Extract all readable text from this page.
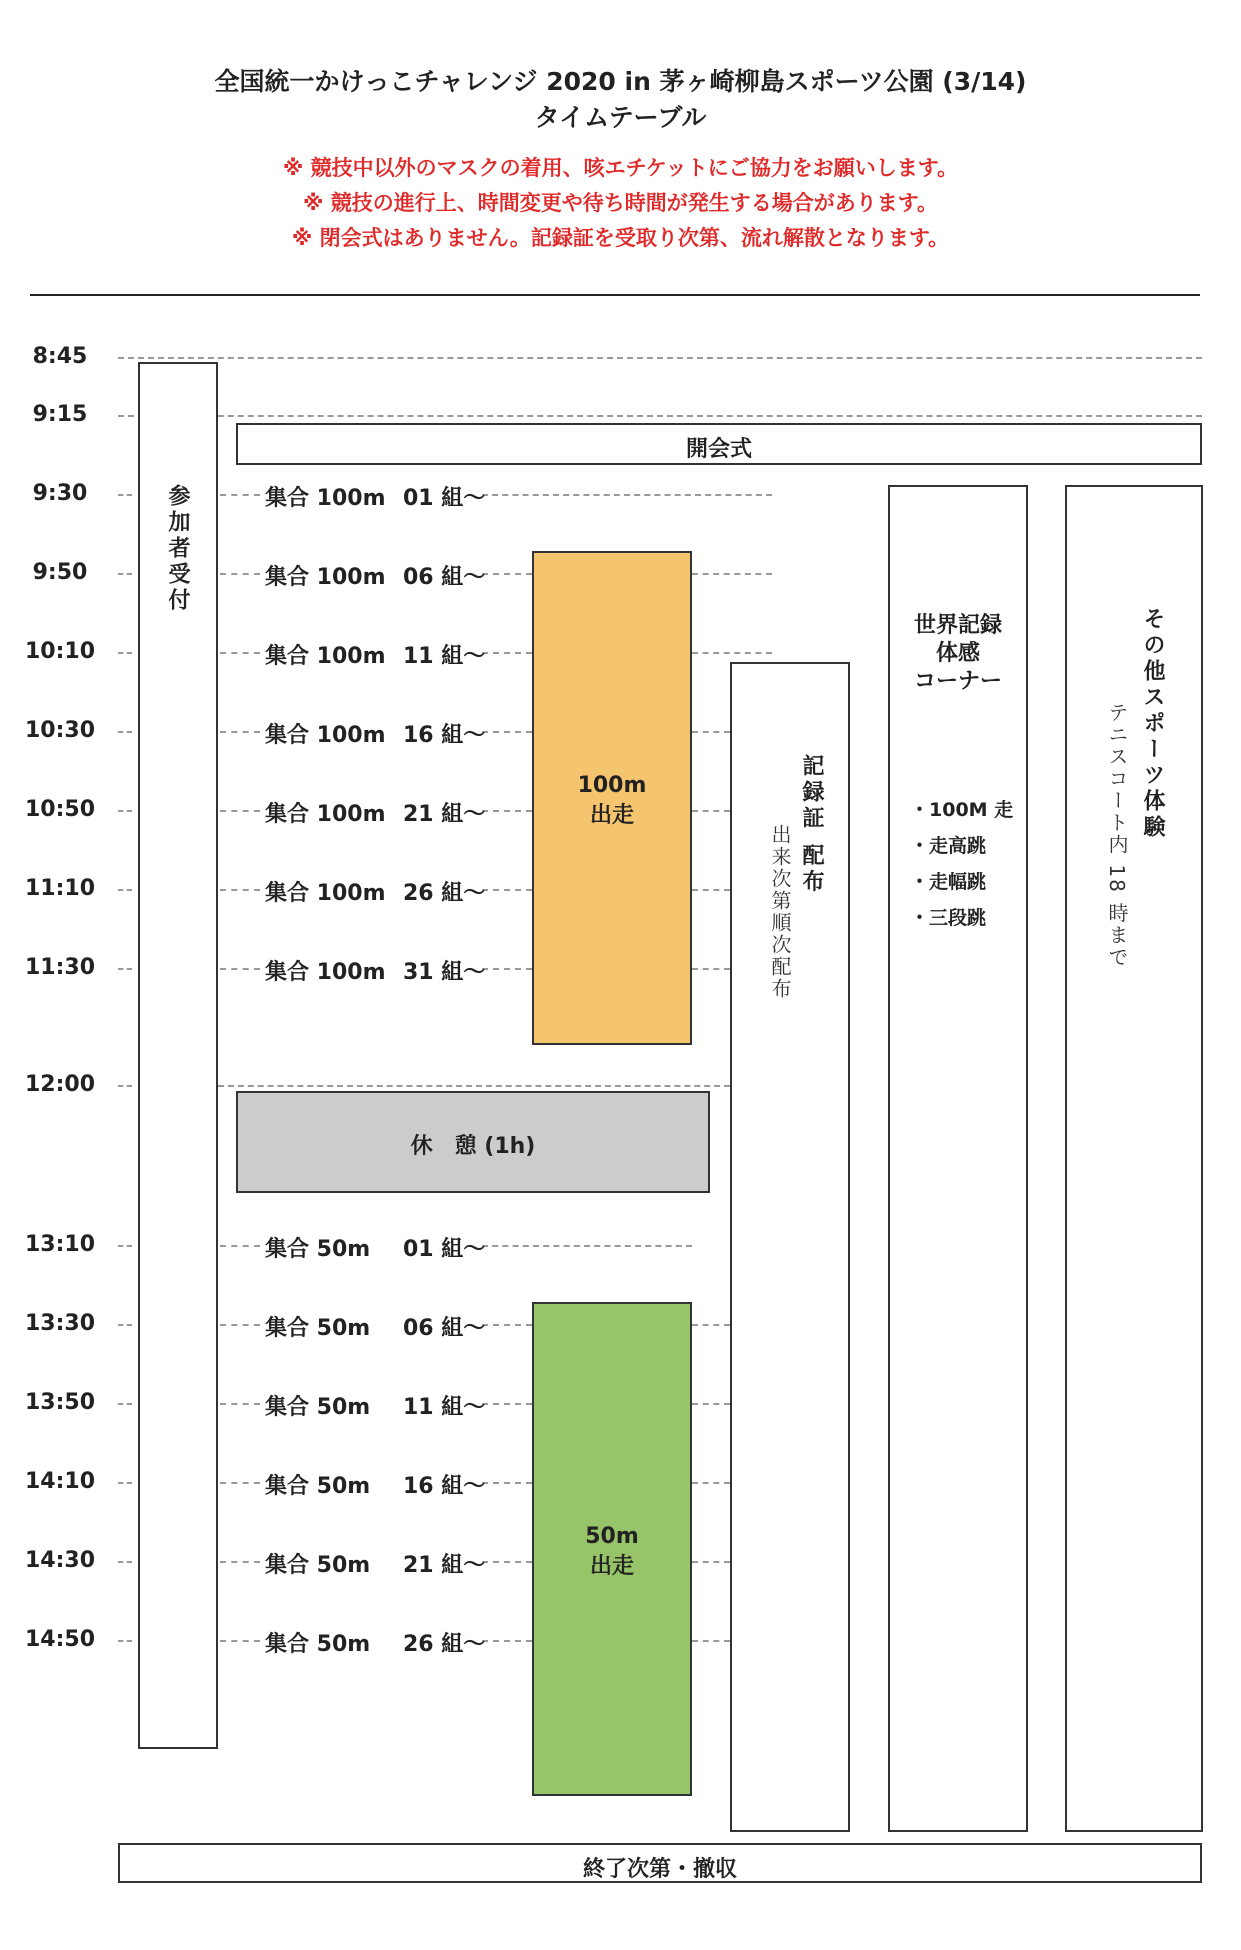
全国統一かけっこチャレンジ 2020 in 茅ヶ崎柳島スポーツ公園 (3/14)
タイムテーブル
※ 競技中以外のマスクの着用、咳エチケットにご協力をお願いします。
※ 競技の進行上、時間変更や待ち時間が発生する場合があります。
※ 閉会式はありません。記録証を受取り次第、流れ解散となります。
8:45
9:15
9:30
9:50
10:10
10:30
10:50
11:10
11:30
12:00
13:10
13:30
13:50
14:10
14:30
14:50
参加者受付
開会式
集合 100m 01 組〜
集合 100m 06 組〜
集合 100m 11 組〜
集合 100m 16 組〜
集合 100m 21 組〜
集合 100m 26 組〜
集合 100m 31 組〜
100m
出走
休　憩 (1h)
集合 50m 01 組〜
集合 50m 06 組〜
集合 50m 11 組〜
集合 50m 16 組〜
集合 50m 21 組〜
集合 50m 26 組〜
50m
出走
記録証 配布
出来次第順次配布
世界記録
体感
コーナー
・100M 走
・走高跳
・走幅跳
・三段跳
その他スポーツ体験
テニスコート内 18 時まで
終了次第・撤収
